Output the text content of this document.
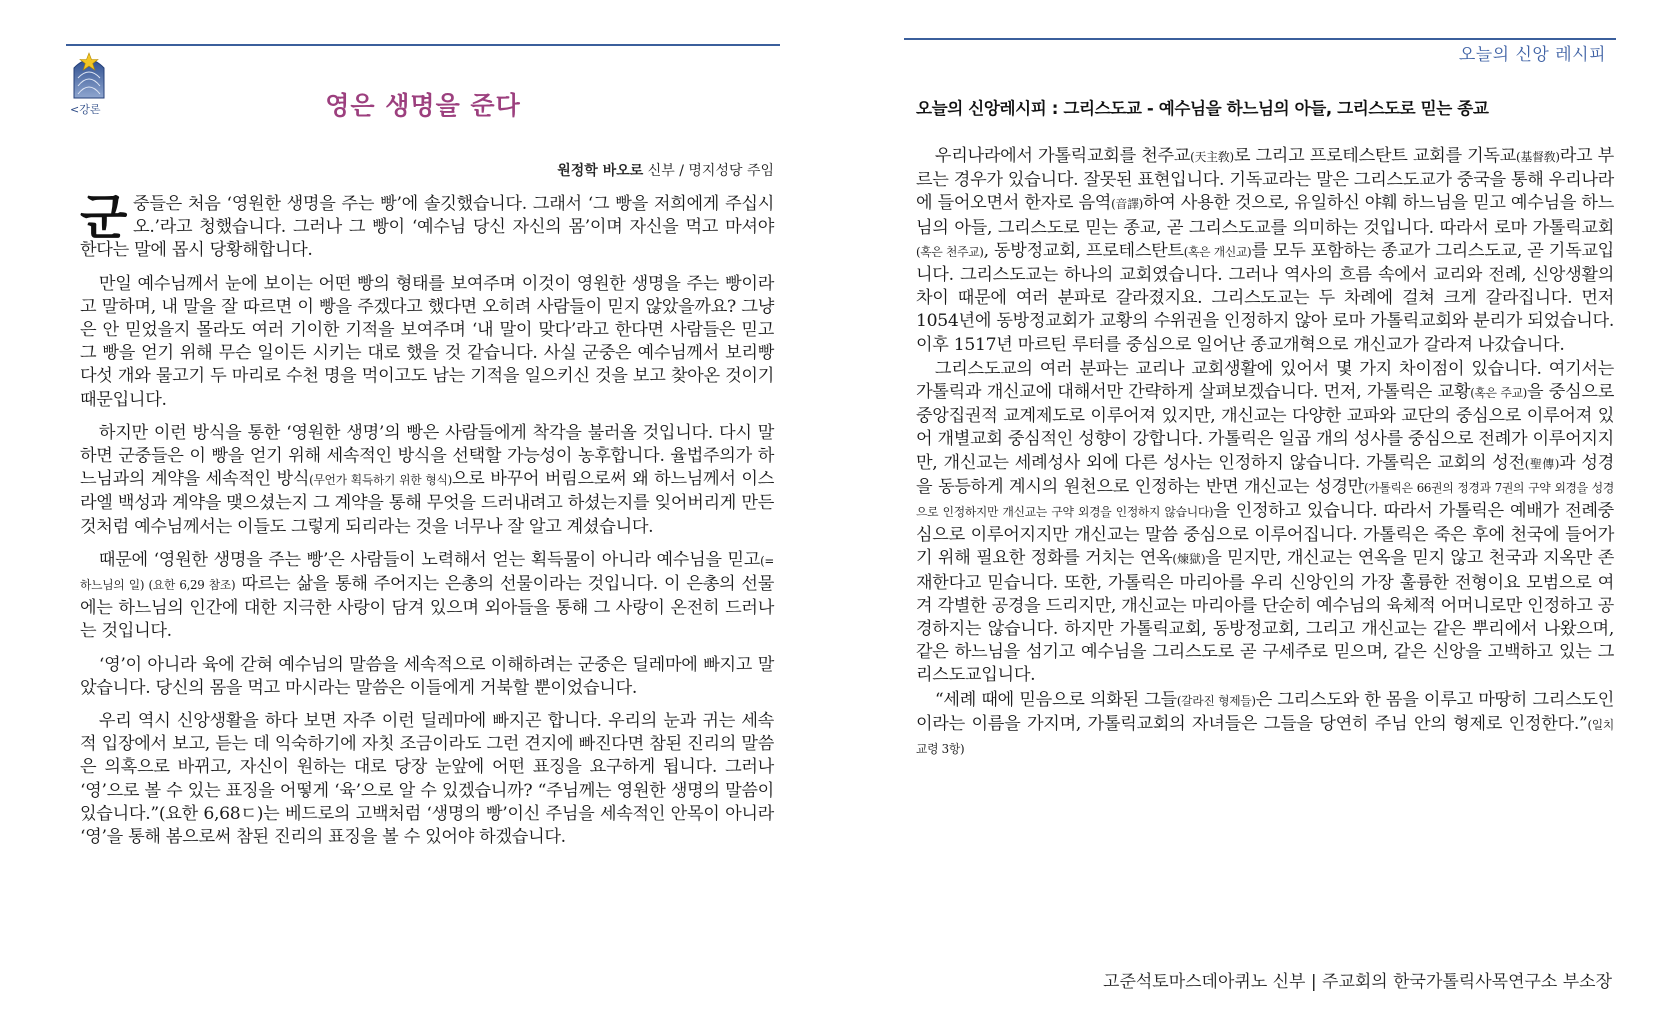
<강론	영은 생명을 준다
원정학 바오로 신부 / 명지성당 주임

군중들은 처음 ‘영원한 생명을 주는 빵’에 솔깃했습니다. 그래서 ‘그 빵을 저희에게 주십시오.’라고 청했습니다. 그러나 그 빵이 ‘예수님 당신 자신의 몸’이며 자신을 먹고 마셔야 한다는 말에 몹시 당황해합니다.

만일 예수님께서 눈에 보이는 어떤 빵의 형태를 보여주며 이것이 영원한 생명을 주는 빵이라고 말하며, 내 말을 잘 따르면 이 빵을 주겠다고 했다면 오히려 사람들이 믿지 않았을까요? 그냥은 안 믿었을지 몰라도 여러 기이한 기적을 보여주며 ‘내 말이 맞다’라고 한다면 사람들은 믿고 그 빵을 얻기 위해 무슨 일이든 시키는 대로 했을 것 같습니다. 사실 군중은 예수님께서 보리빵 다섯 개와 물고기 두 마리로 수천 명을 먹이고도 남는 기적을 일으키신 것을 보고 찾아온 것이기 때문입니다.

하지만 이런 방식을 통한 ‘영원한 생명’의 빵은 사람들에게 착각을 불러올 것입니다. 다시 말하면 군중들은 이 빵을 얻기 위해 세속적인 방식을 선택할 가능성이 농후합니다. 율법주의가 하느님과의 계약을 세속적인 방식(무언가 획득하기 위한 형식)으로 바꾸어 버림으로써 왜 하느님께서 이스라엘 백성과 계약을 맺으셨는지 그 계약을 통해 무엇을 드러내려고 하셨는지를 잊어버리게 만든 것처럼 예수님께서는 이들도 그렇게 되리라는 것을 너무나 잘 알고 계셨습니다.

때문에 ‘영원한 생명을 주는 빵’은 사람들이 노력해서 얻는 획득물이 아니라 예수님을 믿고(=하느님의 일) (요한 6,29 참조) 따르는 삶을 통해 주어지는 은총의 선물이라는 것입니다. 이 은총의 선물에는 하느님의 인간에 대한 지극한 사랑이 담겨 있으며 외아들을 통해 그 사랑이 온전히 드러나는 것입니다.

‘영’이 아니라 육에 갇혀 예수님의 말씀을 세속적으로 이해하려는 군중은 딜레마에 빠지고 말았습니다. 당신의 몸을 먹고 마시라는 말씀은 이들에게 거북할 뿐이었습니다.

우리 역시 신앙생활을 하다 보면 자주 이런 딜레마에 빠지곤 합니다. 우리의 눈과 귀는 세속적 입장에서 보고, 듣는 데 익숙하기에 자칫 조금이라도 그런 견지에 빠진다면 참된 진리의 말씀은 의혹으로 바뀌고, 자신이 원하는 대로 당장 눈앞에 어떤 표징을 요구하게 됩니다. 그러나 ‘영’으로 볼 수 있는 표징을 어떻게 ‘육’으로 알 수 있겠습니까? “주님께는 영원한 생명의 말씀이 있습니다.”(요한 6,68ㄷ)는 베드로의 고백처럼 ‘생명의 빵’이신 주님을 세속적인 안목이 아니라 ‘영’을 통해 봄으로써 참된 진리의 표징을 볼 수 있어야 하겠습니다.

오늘의 신앙 레시피
오늘의 신앙레시피 : 그리스도교 - 예수님을 하느님의 아들, 그리스도로 믿는 종교

우리나라에서 가톨릭교회를 천주교(天主敎)로 그리고 프로테스탄트 교회를 기독교(基督敎)라고 부르는 경우가 있습니다. 잘못된 표현입니다. 기독교라는 말은 그리스도교가 중국을 통해 우리나라에 들어오면서 한자로 음역(音譯)하여 사용한 것으로, 유일하신 야훼 하느님을 믿고 예수님을 하느님의 아들, 그리스도로 믿는 종교, 곧 그리스도교를 의미하는 것입니다. 따라서 로마 가톨릭교회(혹은 천주교), 동방정교회, 프로테스탄트(혹은 개신교)를 모두 포함하는 종교가 그리스도교, 곧 기독교입니다. 그리스도교는 하나의 교회였습니다. 그러나 역사의 흐름 속에서 교리와 전례, 신앙생활의 차이 때문에 여러 분파로 갈라졌지요. 그리스도교는 두 차례에 걸쳐 크게 갈라집니다. 먼저 1054년에 동방정교회가 교황의 수위권을 인정하지 않아 로마 가톨릭교회와 분리가 되었습니다. 이후 1517년 마르틴 루터를 중심으로 일어난 종교개혁으로 개신교가 갈라져 나갔습니다.

그리스도교의 여러 분파는 교리나 교회생활에 있어서 몇 가지 차이점이 있습니다. 여기서는 가톨릭과 개신교에 대해서만 간략하게 살펴보겠습니다. 먼저, 가톨릭은 교황(혹은 주교)을 중심으로 중앙집권적 교계제도로 이루어져 있지만, 개신교는 다양한 교파와 교단의 중심으로 이루어져 있어 개별교회 중심적인 성향이 강합니다. 가톨릭은 일곱 개의 성사를 중심으로 전례가 이루어지지만, 개신교는 세례성사 외에 다른 성사는 인정하지 않습니다. 가톨릭은 교회의 성전(聖傳)과 성경을 동등하게 계시의 원천으로 인정하는 반면 개신교는 성경만(가톨릭은 66권의 정경과 7권의 구약 외경을 성경으로 인정하지만 개신교는 구약 외경을 인정하지 않습니다)을 인정하고 있습니다. 따라서 가톨릭은 예배가 전례중심으로 이루어지지만 개신교는 말씀 중심으로 이루어집니다. 가톨릭은 죽은 후에 천국에 들어가기 위해 필요한 정화를 거치는 연옥(煉獄)을 믿지만, 개신교는 연옥을 믿지 않고 천국과 지옥만 존재한다고 믿습니다. 또한, 가톨릭은 마리아를 우리 신앙인의 가장 훌륭한 전형이요 모범으로 여겨 각별한 공경을 드리지만, 개신교는 마리아를 단순히 예수님의 육체적 어머니로만 인정하고 공경하지는 않습니다. 하지만 가톨릭교회, 동방정교회, 그리고 개신교는 같은 뿌리에서 나왔으며, 같은 하느님을 섬기고 예수님을 그리스도로 곧 구세주로 믿으며, 같은 신앙을 고백하고 있는 그리스도교입니다.

“세례 때에 믿음으로 의화된 그들(갈라진 형제들)은 그리스도와 한 몸을 이루고 마땅히 그리스도인이라는 이름을 가지며, 가톨릭교회의 자녀들은 그들을 당연히 주님 안의 형제로 인정한다.”(일치 교령 3항)

고준석토마스데아퀴노 신부 | 주교회의 한국가톨릭사목연구소 부소장
